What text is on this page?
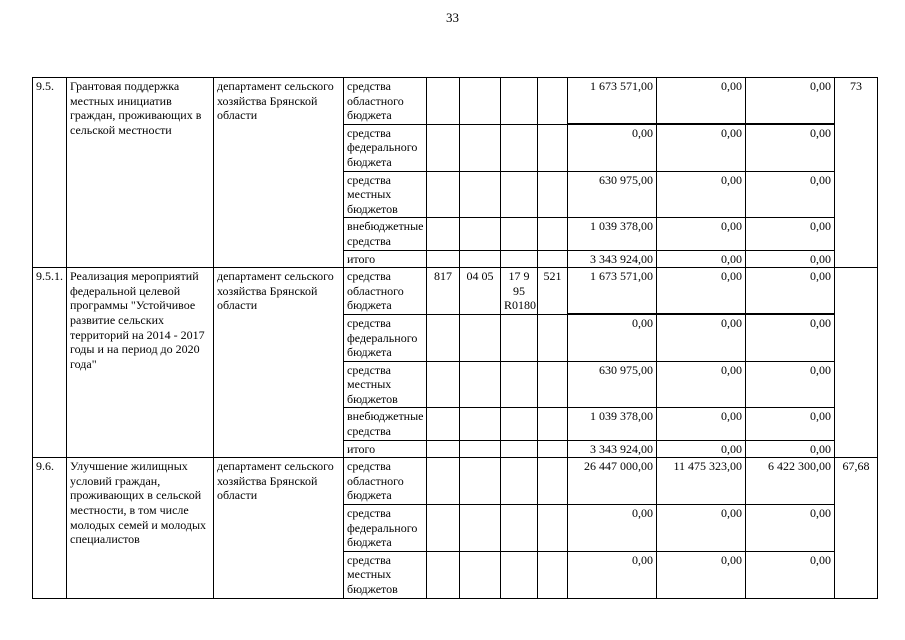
33
9.5.	Грантовая поддержка местных инициатив граждан, проживающих в сельской местности	департамент сельского хозяйства Брянской области	средства областного бюджета					1 673 571,00	0,00	0,00	73
			средства федерального бюджета					0,00	0,00	0,00	
			средства местных бюджетов					630 975,00	0,00	0,00	
			внебюджетные средства					1 039 378,00	0,00	0,00	
			итого					3 343 924,00	0,00	0,00	
9.5.1.	Реализация мероприятий федеральной целевой программы "Устойчивое развитие сельских территорий на 2014 - 2017 годы и на период до 2020 года"	департамент сельского хозяйства Брянской области	средства областного бюджета	817	04 05	17 9 95 R0180	521	1 673 571,00	0,00	0,00	
			средства федерального бюджета					0,00	0,00	0,00	
			средства местных бюджетов					630 975,00	0,00	0,00	
			внебюджетные средства					1 039 378,00	0,00	0,00	
			итого					3 343 924,00	0,00	0,00	
9.6.	Улучшение жилищных условий граждан, проживающих в сельской местности, в том числе молодых семей и молодых специалистов	департамент сельского хозяйства Брянской области	средства областного бюджета					26 447 000,00	11 475 323,00	6 422 300,00	67,68
			средства федерального бюджета					0,00	0,00	0,00	
			средства местных бюджетов					0,00	0,00	0,00	
